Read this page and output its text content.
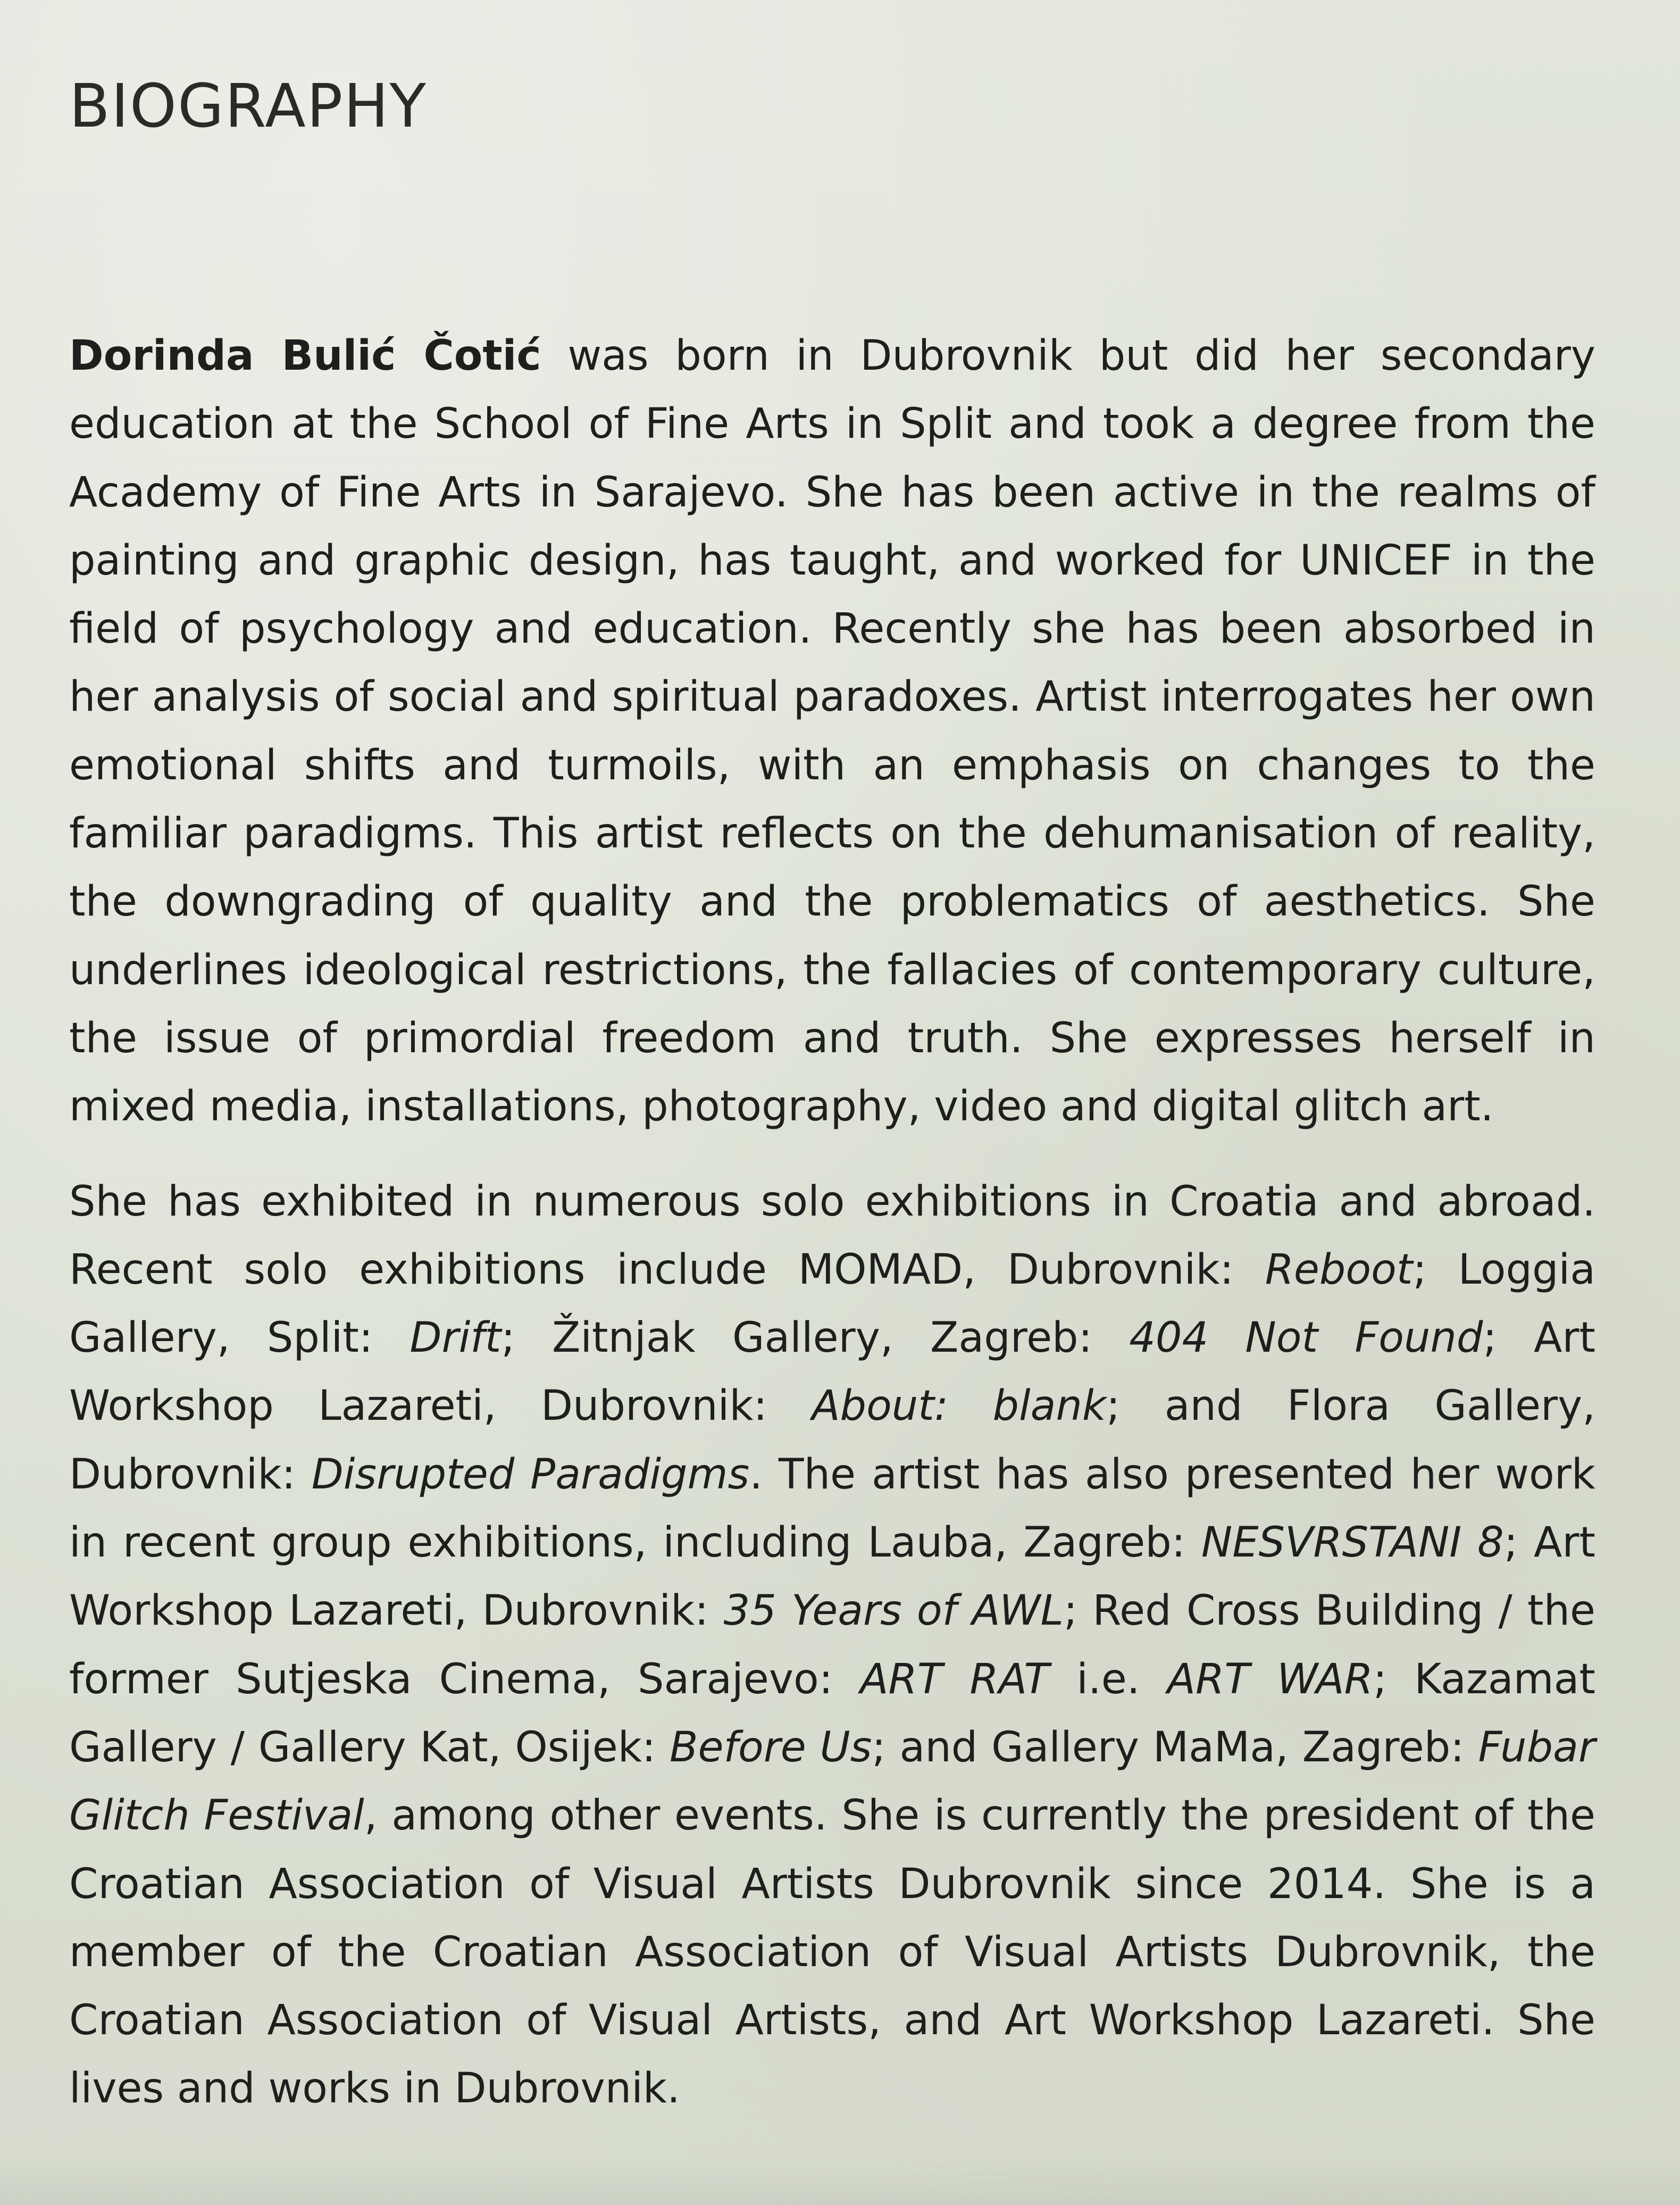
BIOGRAPHY

Dorinda Bulić Čotić was born in Dubrovnik but did her secondary education at the School of Fine Arts in Split and took a degree from the Academy of Fine Arts in Sarajevo. She has been active in the realms of painting and graphic design, has taught, and worked for UNICEF in the field of psychology and education. Recently she has been absorbed in her analysis of social and spiritual paradoxes. Artist interrogates her own emotional shifts and turmoils, with an emphasis on changes to the familiar paradigms. This artist reflects on the dehumanisation of reality, the downgrading of quality and the problematics of aesthetics. She underlines ideological restrictions, the fallacies of contemporary culture, the issue of primordial freedom and truth. She expresses herself in mixed media, installations, photography, video and digital glitch art.

She has exhibited in numerous solo exhibitions in Croatia and abroad. Recent solo exhibitions include MOMAD, Dubrovnik: Reboot; Loggia Gallery, Split: Drift; Žitnjak Gallery, Zagreb: 404 Not Found; Art Workshop Lazareti, Dubrovnik: About: blank; and Flora Gallery, Dubrovnik: Disrupted Paradigms. The artist has also presented her work in recent group exhibitions, including Lauba, Zagreb: NESVRSTANI 8; Art Workshop Lazareti, Dubrovnik: 35 Years of AWL; Red Cross Building / the former Sutjeska Cinema, Sarajevo: ART RAT i.e. ART WAR; Kazamat Gallery / Gallery Kat, Osijek: Before Us; and Gallery MaMa, Zagreb: Fubar Glitch Festival, among other events. She is currently the president of the Croatian Association of Visual Artists Dubrovnik since 2014. She is a member of the Croatian Association of Visual Artists Dubrovnik, the Croatian Association of Visual Artists, and Art Workshop Lazareti. She lives and works in Dubrovnik.
